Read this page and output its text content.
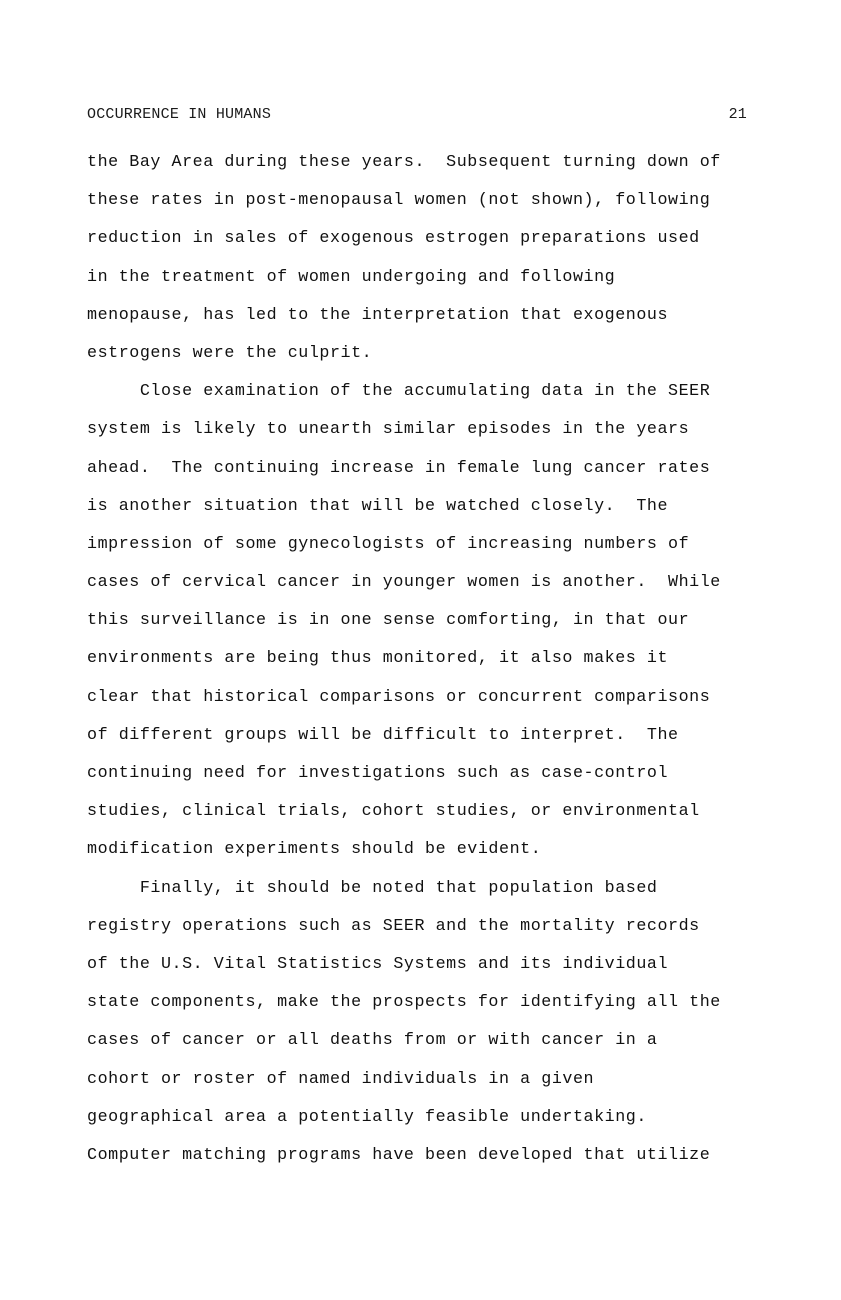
OCCURRENCE IN HUMANS	21
the Bay Area during these years.  Subsequent turning down of
these rates in post-menopausal women (not shown), following
reduction in sales of exogenous estrogen preparations used
in the treatment of women undergoing and following
menopause, has led to the interpretation that exogenous
estrogens were the culprit.
Close examination of the accumulating data in the SEER
system is likely to unearth similar episodes in the years
ahead.  The continuing increase in female lung cancer rates
is another situation that will be watched closely.  The
impression of some gynecologists of increasing numbers of
cases of cervical cancer in younger women is another.  While
this surveillance is in one sense comforting, in that our
environments are being thus monitored, it also makes it
clear that historical comparisons or concurrent comparisons
of different groups will be difficult to interpret.  The
continuing need for investigations such as case-control
studies, clinical trials, cohort studies, or environmental
modification experiments should be evident.
Finally, it should be noted that population based
registry operations such as SEER and the mortality records
of the U.S. Vital Statistics Systems and its individual
state components, make the prospects for identifying all the
cases of cancer or all deaths from or with cancer in a
cohort or roster of named individuals in a given
geographical area a potentially feasible undertaking.
Computer matching programs have been developed that utilize
